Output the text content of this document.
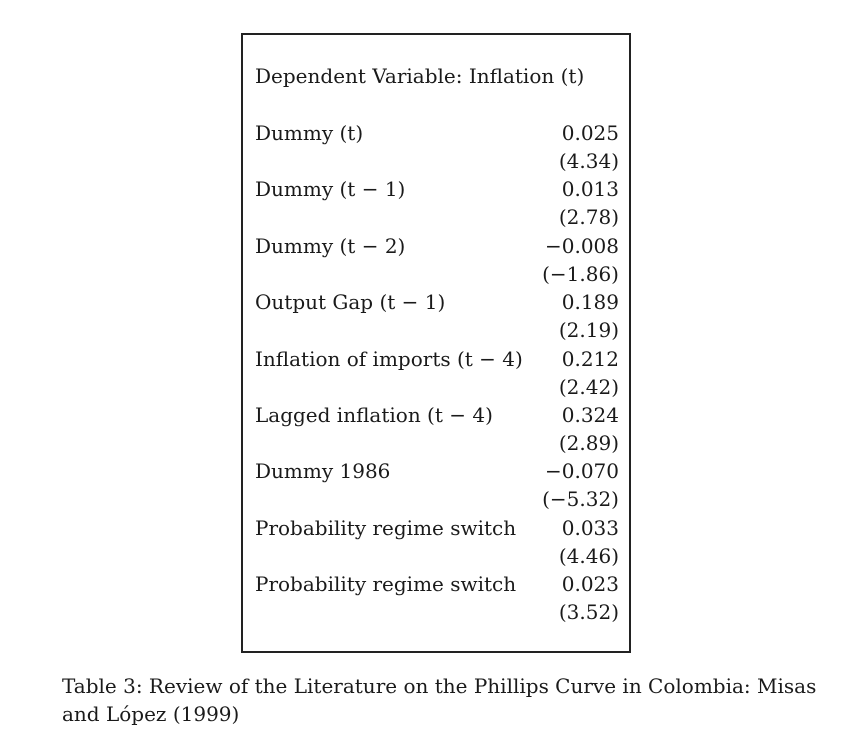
Dependent Variable: Inflation (t)
Dummy (t)	0.025
(4.34)
Dummy (t − 1)	0.013
(2.78)
Dummy (t − 2)	−0.008
(−1.86)
Output Gap (t − 1)	0.189
(2.19)
Inflation of imports (t − 4) 0.212
(2.42)
Lagged inflation (t − 4)	0.324
(2.89)
Dummy 1986	−0.070
(−5.32)
Probability regime switch 0.033
(4.46)
Probability regime switch 0.023
(3.52)
Table 3: Review of the Literature on the Phillips Curve in Colombia: Misas and López (1999)
